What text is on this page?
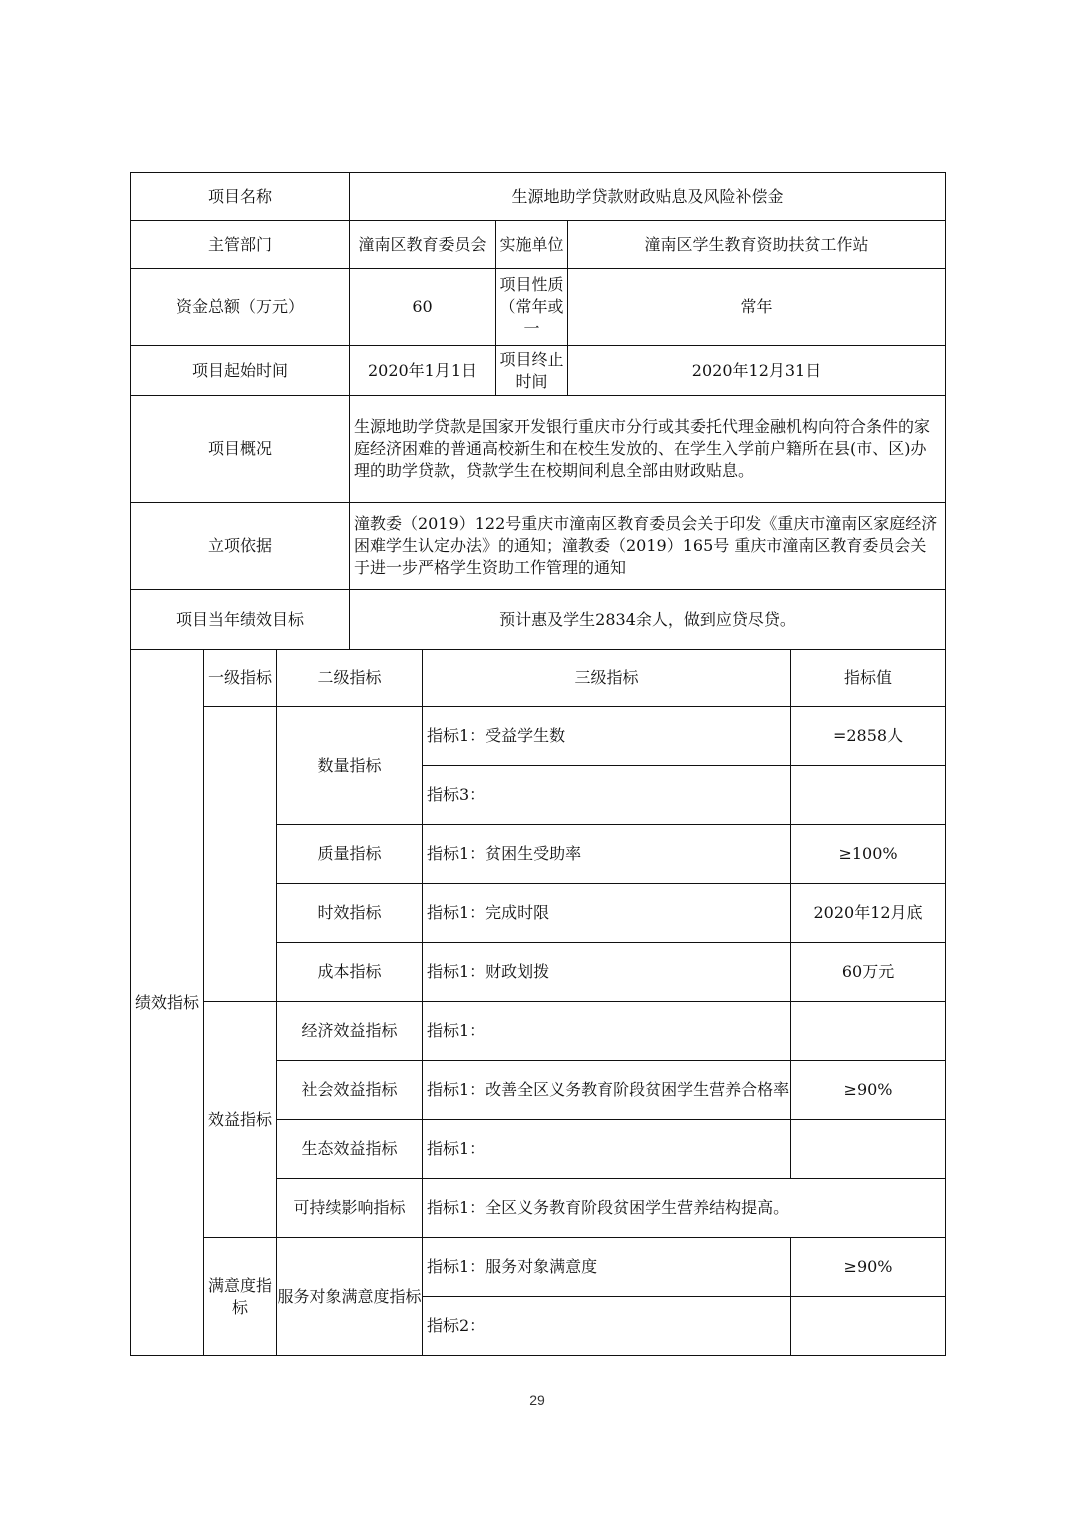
项目名称			生源地助学贷款财政贴息及风险补偿金				
主管部门			潼南区教育委员会		实施单位	潼南区学生教育资助扶贫工作站	
资金总额（万元）			60		项目性质（常年或一	常年	
项目起始时间			2020年1月1日		项目终止时间	2020年12月31日	
项目概况			生源地助学贷款是国家开发银行重庆市分行或其委托代理金融机构向符合条件的家庭经济困难的普通高校新生和在校生发放的、在学生入学前户籍所在县(市、区)办理的助学贷款，贷款学生在校期间利息全部由财政贴息。				
立项依据			潼教委（2019）122号重庆市潼南区教育委员会关于印发《重庆市潼南区家庭经济困难学生认定办法》的通知；潼教委（2019）165号 重庆市潼南区教育委员会关于进一步严格学生资助工作管理的通知				
项目当年绩效目标			预计惠及学生2834余人，做到应贷尽贷。				
绩效指标	一级指标	二级指标		三级指标			指标值
		数量指标		指标1：受益学生数			=2858人
				指标3：			
		质量指标		指标1：贫困生受助率			≥100%
		时效指标		指标1：完成时限			2020年12月底
		成本指标		指标1：财政划拨			60万元
	效益指标	经济效益指标		指标1：			
		社会效益指标		指标1：改善全区义务教育阶段贫困学生营养合格率			≥90%
		生态效益指标		指标1：			
		可持续影响指标		指标1：全区义务教育阶段贫困学生营养结构提高。			
	满意度指标	服务对象满意度指标		指标1：服务对象满意度			≥90%
				指标2：			
29
